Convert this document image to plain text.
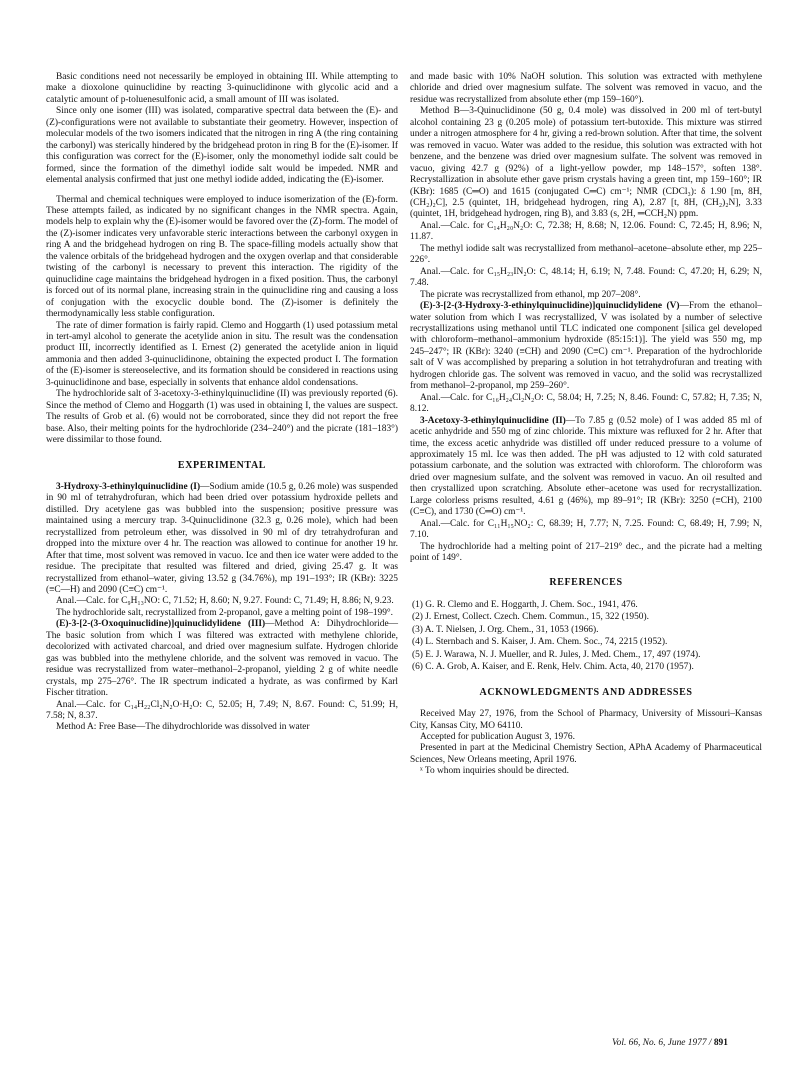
Basic conditions need not necessarily be employed in obtaining III. While attempting to make a dioxolone quinuclidine by reacting 3-quinuclidinone with glycolic acid and a catalytic amount of p-toluenesulfonic acid, a small amount of III was isolated.

Since only one isomer (III) was isolated, comparative spectral data between the (E)- and (Z)-configurations were not available to substantiate their geometry. However, inspection of molecular models of the two isomers indicated that the nitrogen in ring A (the ring containing the carbonyl) was sterically hindered by the bridgehead proton in ring B for the (E)-isomer. If this configuration was correct for the (E)-isomer, only the monomethyl iodide salt could be formed, since the formation of the dimethyl iodide salt would be impeded. NMR and elemental analysis confirmed that just one methyl iodide added, indicating the (E)-isomer.

Thermal and chemical techniques were employed to induce isomerization of the (E)-form. These attempts failed, as indicated by no significant changes in the NMR spectra. Again, models help to explain why the (E)-isomer would be favored over the (Z)-form. The model of the (Z)-isomer indicates very unfavorable steric interactions between the carbonyl oxygen in ring A and the bridgehead hydrogen on ring B. The space-filling models actually show that the valence orbitals of the bridgehead hydrogen and the oxygen overlap and that considerable twisting of the carbonyl is necessary to prevent this interaction. The rigidity of the quinuclidine cage maintains the bridgehead hydrogen in a fixed position. Thus, the carbonyl is forced out of its normal plane, increasing strain in the quinuclidine ring and causing a loss of conjugation with the exocyclic double bond. The (Z)-isomer is definitely the thermodynamically less stable configuration.

The rate of dimer formation is fairly rapid. Clemo and Hoggarth (1) used potassium metal in tert-amyl alcohol to generate the acetylide anion in situ. The result was the condensation product III, incorrectly identified as I. Ernest (2) generated the acetylide anion in liquid ammonia and then added 3-quinuclidinone, obtaining the expected product I. The formation of the (E)-isomer is stereoselective, and its formation should be considered in reactions using 3-quinuclidinone and base, especially in solvents that enhance aldol condensations.

The hydrochloride salt of 3-acetoxy-3-ethinylquinuclidine (II) was previously reported (6). Since the method of Clemo and Hoggarth (1) was used in obtaining I, the values are suspect. The results of Grob et al. (6) would not be corroborated, since they did not report the free base. Also, their melting points for the hydrochloride (234–240°) and the picrate (181–183°) were dissimilar to those found.

EXPERIMENTAL

3-Hydroxy-3-ethinylquinuclidine (I)—Sodium amide (10.5 g, 0.26 mole) was suspended in 90 ml of tetrahydrofuran, which had been dried over potassium hydroxide pellets and distilled. Dry acetylene gas was bubbled into the suspension; positive pressure was maintained using a mercury trap. 3-Quinuclidinone (32.3 g, 0.26 mole), which had been recrystallized from petroleum ether, was dissolved in 90 ml of dry tetrahydrofuran and dropped into the mixture over 4 hr. The reaction was allowed to continue for another 19 hr. After that time, most solvent was removed in vacuo. Ice and then ice water were added to the residue. The precipitate that resulted was filtered and dried, giving 25.47 g. It was recrystallized from ethanol–water, giving 13.52 g (34.76%), mp 191–193°; IR (KBr): 3225 (≡C—H) and 2090 (C≡C) cm⁻¹.

Anal.—Calc. for C₉H₁₃NO: C, 71.52; H, 8.60; N, 9.27. Found: C, 71.49; H, 8.86; N, 9.23.

The hydrochloride salt, recrystallized from 2-propanol, gave a melting point of 198–199°.

(E)-3-[2-(3-Oxoquinuclidine)]quinuclidylidene (III)—Method A: Dihydrochloride—The basic solution from which I was filtered was extracted with methylene chloride, decolorized with activated charcoal, and dried over magnesium sulfate. Hydrogen chloride gas was bubbled into the methylene chloride, and the solvent was removed in vacuo. The residue was recrystallized from water–methanol–2-propanol, yielding 2 g of white needle crystals, mp 275–276°. The IR spectrum indicated a hydrate, as was confirmed by Karl Fischer titration.

Anal.—Calc. for C₁₄H₂₂Cl₂N₂O·H₂O: C, 52.05; H, 7.49; N, 8.67. Found: C, 51.99; H, 7.58; N, 8.37.

Method A: Free Base—The dihydrochloride was dissolved in water

and made basic with 10% NaOH solution. This solution was extracted with methylene chloride and dried over magnesium sulfate. The solvent was removed in vacuo, and the residue was recrystallized from absolute ether (mp 159–160°).

Method B—3-Quinuclidinone (50 g, 0.4 mole) was dissolved in 200 ml of tert-butyl alcohol containing 23 g (0.205 mole) of potassium tert-butoxide. This mixture was stirred under a nitrogen atmosphere for 4 hr, giving a red-brown solution. After that time, the solvent was removed in vacuo. Water was added to the residue, this solution was extracted with hot benzene, and the benzene was dried over magnesium sulfate. The solvent was removed in vacuo, giving 42.7 g (92%) of a light-yellow powder, mp 148–157°, soften 138°. Recrystallization in absolute ether gave prism crystals having a green tint, mp 159–160°; IR (KBr): 1685 (C═O) and 1615 (conjugated C═C) cm⁻¹; NMR (CDCl₃): δ 1.90 [m, 8H, (CH₂)₂C], 2.5 (quintet, 1H, bridgehead hydrogen, ring A), 2.87 [t, 8H, (CH₂)₂N], 3.33 (quintet, 1H, bridgehead hydrogen, ring B), and 3.83 (s, 2H, ═CCH₂N) ppm.

Anal.—Calc. for C₁₄H₂₀N₂O: C, 72.38; H, 8.68; N, 12.06. Found: C, 72.45; H, 8.96; N, 11.87.

The methyl iodide salt was recrystallized from methanol–acetone–absolute ether, mp 225–226°.

Anal.—Calc. for C₁₅H₂₃IN₂O: C, 48.14; H, 6.19; N, 7.48. Found: C, 47.20; H, 6.29; N, 7.48.

The picrate was recrystallized from ethanol, mp 207–208°.

(E)-3-[2-(3-Hydroxy-3-ethinylquinuclidine)]quinuclidylidene (V)—From the ethanol–water solution from which I was recrystallized, V was isolated by a number of selective recrystallizations using methanol until TLC indicated one component [silica gel developed with chloroform–methanol–ammonium hydroxide (85:15:1)]. The yield was 550 mg, mp 245–247°; IR (KBr): 3240 (≡CH) and 2090 (C≡C) cm⁻¹. Preparation of the hydrochloride salt of V was accomplished by preparing a solution in hot tetrahydrofuran and treating with hydrogen chloride gas. The solvent was removed in vacuo, and the solid was recrystallized from methanol–2-propanol, mp 259–260°.

Anal.—Calc. for C₁₆H₂₄Cl₂N₂O: C, 58.04; H, 7.25; N, 8.46. Found: C, 57.82; H, 7.35; N, 8.12.

3-Acetoxy-3-ethinylquinuclidine (II)—To 7.85 g (0.52 mole) of I was added 85 ml of acetic anhydride and 550 mg of zinc chloride. This mixture was refluxed for 2 hr. After that time, the excess acetic anhydride was distilled off under reduced pressure to a volume of approximately 15 ml. Ice was then added. The pH was adjusted to 12 with cold saturated potassium carbonate, and the solution was extracted with chloroform. The chloroform was dried over magnesium sulfate, and the solvent was removed in vacuo. An oil resulted and then crystallized upon scratching. Absolute ether–acetone was used for recrystallization. Large colorless prisms resulted, 4.61 g (46%), mp 89–91°; IR (KBr): 3250 (≡CH), 2100 (C≡C), and 1730 (C═O) cm⁻¹.

Anal.—Calc. for C₁₁H₁₅NO₂: C, 68.39; H, 7.77; N, 7.25. Found: C, 68.49; H, 7.99; N, 7.10.

The hydrochloride had a melting point of 217–219° dec., and the picrate had a melting point of 149°.

REFERENCES

(1) G. R. Clemo and E. Hoggarth, J. Chem. Soc., 1941, 476.

(2) J. Ernest, Collect. Czech. Chem. Commun., 15, 322 (1950).

(3) A. T. Nielsen, J. Org. Chem., 31, 1053 (1966).

(4) L. Sternbach and S. Kaiser, J. Am. Chem. Soc., 74, 2215 (1952).

(5) E. J. Warawa, N. J. Mueller, and R. Jules, J. Med. Chem., 17, 497 (1974).

(6) C. A. Grob, A. Kaiser, and E. Renk, Helv. Chim. Acta, 40, 2170 (1957).

ACKNOWLEDGMENTS AND ADDRESSES

Received May 27, 1976, from the School of Pharmacy, University of Missouri–Kansas City, Kansas City, MO 64110.

Accepted for publication August 3, 1976.

Presented in part at the Medicinal Chemistry Section, APhA Academy of Pharmaceutical Sciences, New Orleans meeting, April 1976.

ˣ To whom inquiries should be directed.

Vol. 66, No. 6, June 1977 / 891
